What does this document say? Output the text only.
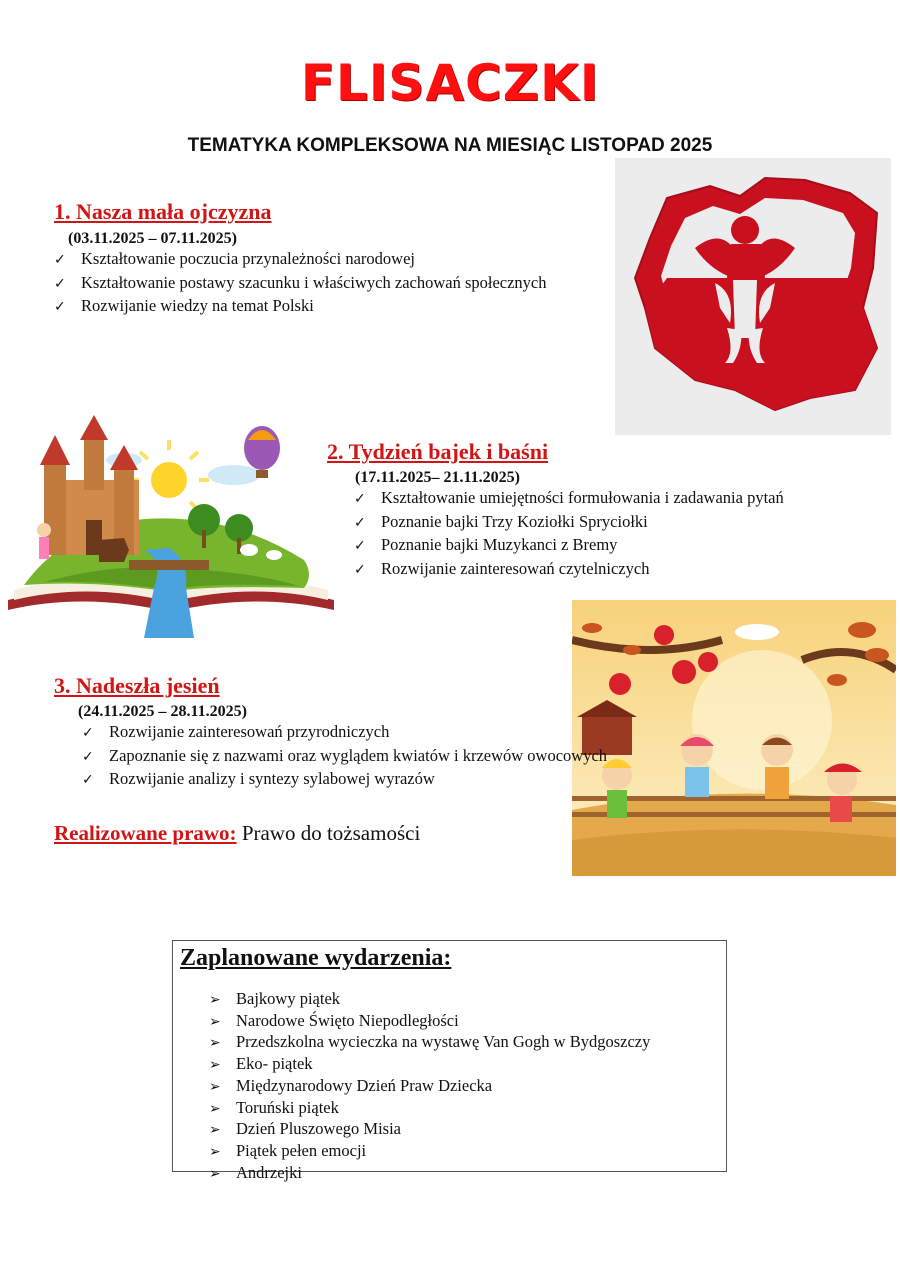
FLISACZKI
TEMATYKA KOMPLEKSOWA NA MIESIĄC LISTOPAD 2025
1. Nasza mała ojczyzna
(03.11.2025 – 07.11.2025)
✓ Kształtowanie poczucia przynależności narodowej
✓ Kształtowanie postawy szacunku i właściwych zachowań społecznych
✓ Rozwijanie wiedzy na temat Polski
2. Tydzień bajek i baśni
(17.11.2025– 21.11.2025)
✓ Kształtowanie umiejętności formułowania i zadawania pytań
✓ Poznanie bajki Trzy Koziołki Spryciołki
✓ Poznanie bajki Muzykanci z Bremy
✓ Rozwijanie zainteresowań czytelniczych
3. Nadeszła jesień
(24.11.2025 – 28.11.2025)
✓ Rozwijanie zainteresowań przyrodniczych
✓ Zapoznanie się z nazwami oraz wyglądem kwiatów i krzewów owocowych
✓ Rozwijanie analizy i syntezy sylabowej wyrazów
Realizowane prawo: Prawo do tożsamości
Zaplanowane wydarzenia:
➢ Bajkowy piątek
➢ Narodowe Święto Niepodległości
➢ Przedszkolna wycieczka na wystawę Van Gogh w Bydgoszczy
➢ Eko- piątek
➢ Międzynarodowy Dzień Praw Dziecka
➢ Toruński piątek
➢ Dzień Pluszowego Misia
➢ Piątek pełen emocji
➢ Andrzejki
